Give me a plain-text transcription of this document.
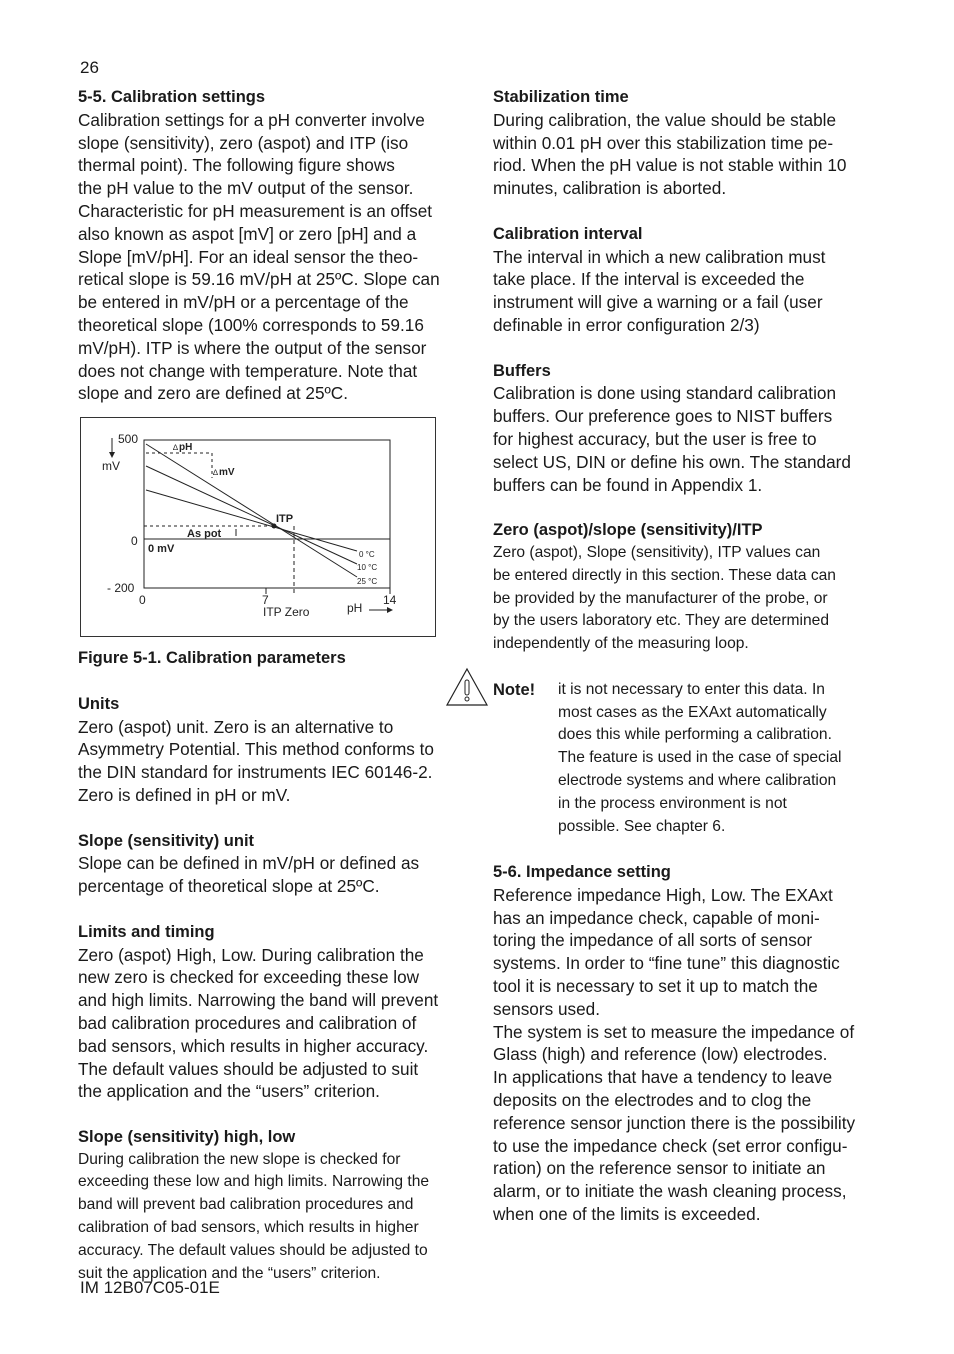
26
5-5. Calibration settings
Calibration settings for a pH converter involve
slope (sensitivity), zero (aspot) and ITP (iso
thermal point). The following figure shows
the pH value to the mV output of the sensor.
Characteristic for pH measurement is an offset
also known as aspot [mV] or zero [pH] and a
Slope [mV/pH]. For an ideal sensor the theo-
retical slope is 59.16 mV/pH at 25ºC. Slope can
be entered in mV/pH or a percentage of the
theoretical slope (100% corresponds to 59.16
mV/pH). ITP is where the output of the sensor
does not change with temperature. Note that
slope and zero are defined at 25ºC.
500
mV
0
- 200
0	7	14
ITP Zero	pH
∆ pH
∆ mV
ITP
As pot
0 mV	0 °C
10 °C
25 °C
Figure 5-1. Calibration parameters
Units
Zero (aspot) unit. Zero is an alternative to
Asymmetry Potential. This method conforms to
the DIN standard for instruments IEC 60146-2.
Zero is defined in pH or mV.
Slope (sensitivity) unit
Slope can be defined in mV/pH or defined as
percentage of theoretical slope at 25ºC.
Limits and timing
Zero (aspot) High, Low. During calibration the
new zero is checked for exceeding these low
and high limits. Narrowing the band will prevent
bad calibration procedures and calibration of
bad sensors, which results in higher accuracy.
The default values should be adjusted to suit
the application and the “users” criterion.
Slope (sensitivity) high, low
During calibration the new slope is checked for
exceeding these low and high limits. Narrowing the
band will prevent bad calibration procedures and
calibration of bad sensors, which results in higher
accuracy. The default values should be adjusted to
suit the application and the “users” criterion.
Stabilization time
During calibration, the value should be stable
within 0.01 pH over this stabilization time pe-
riod. When the pH value is not stable within 10
minutes, calibration is aborted.
Calibration interval
The interval in which a new calibration must
take place. If the interval is exceeded the
instrument will give a warning or a fail (user
definable in error configuration 2/3)
Buffers
Calibration is done using standard calibration
buffers. Our preference goes to NIST buffers
for highest accuracy, but the user is free to
select US, DIN or define his own. The standard
buffers can be found in Appendix 1.
Zero (aspot)/slope (sensitivity)/ITP
Zero (aspot), Slope (sensitivity), ITP values can
be entered directly in this section. These data can
be provided by the manufacturer of the probe, or
by the users laboratory etc. They are determined
independently of the measuring loop.
Note! it is not necessary to enter this data. In
most cases as the EXAxt automatically
does this while performing a calibration.
The feature is used in the case of special
electrode systems and where calibration
in the process environment is not
possible. See chapter 6.
5-6. Impedance setting
Reference impedance High, Low. The EXAxt
has an impedance check, capable of moni-
toring the impedance of all sorts of sensor
systems. In order to “fine tune” this diagnostic
tool it is necessary to set it up to match the
sensors used.
The system is set to measure the impedance of
Glass (high) and reference (low) electrodes.
In applications that have a tendency to leave
deposits on the electrodes and to clog the
reference sensor junction there is the possibility
to use the impedance check (set error configu-
ration) on the reference sensor to initiate an
alarm, or to initiate the wash cleaning process,
when one of the limits is exceeded.
IM 12B07C05-01E
